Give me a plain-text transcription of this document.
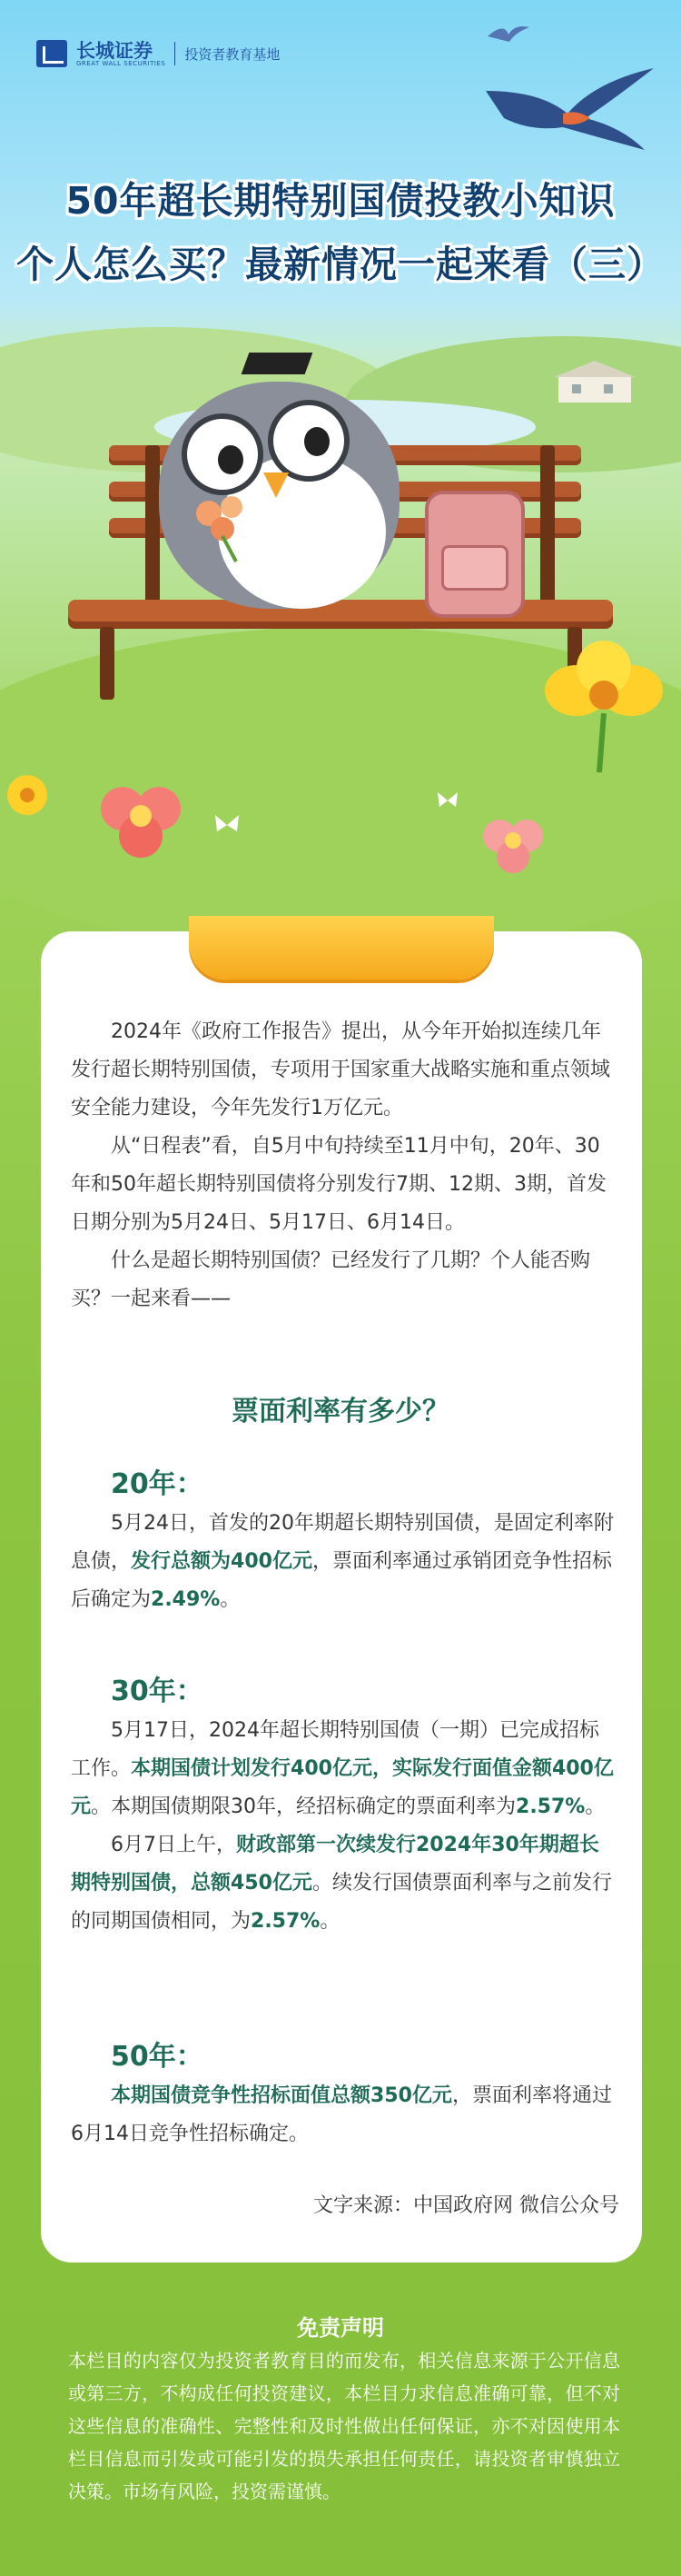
长城证券
GREAT WALL SECURITIES
投资者教育基地
50年超长期特别国债投教小知识
个人怎么买？最新情况一起来看（三）

2024年《政府工作报告》提出，从今年开始拟连续几年发行超长期特别国债，专项用于国家重大战略实施和重点领域安全能力建设，今年先发行1万亿元。

从“日程表”看，自5月中旬持续至11月中旬，20年、30年和50年超长期特别国债将分别发行7期、12期、3期，首发日期分别为5月24日、5月17日、6月14日。

什么是超长期特别国债？已经发行了几期？个人能否购买？一起来看——

票面利率有多少？
20年：

5月24日，首发的20年期超长期特别国债，是固定利率附息债，发行总额为400亿元，票面利率通过承销团竞争性招标后确定为2.49%。

30年：

5月17日，2024年超长期特别国债（一期）已完成招标工作。本期国债计划发行400亿元，实际发行面值金额400亿元。本期国债期限30年，经招标确定的票面利率为2.57%。

6月7日上午，财政部第一次续发行2024年30年期超长期特别国债，总额450亿元。续发行国债票面利率与之前发行的同期国债相同，为2.57%。

50年：

本期国债竞争性招标面值总额350亿元，票面利率将通过6月14日竞争性招标确定。

文字来源：中国政府网 微信公众号
免责声明
本栏目的内容仅为投资者教育目的而发布，相关信息来源于公开信息或第三方，不构成任何投资建议，本栏目力求信息准确可靠，但不对这些信息的准确性、完整性和及时性做出任何保证，亦不对因使用本栏目信息而引发或可能引发的损失承担任何责任，请投资者审慎独立决策。市场有风险，投资需谨慎。
